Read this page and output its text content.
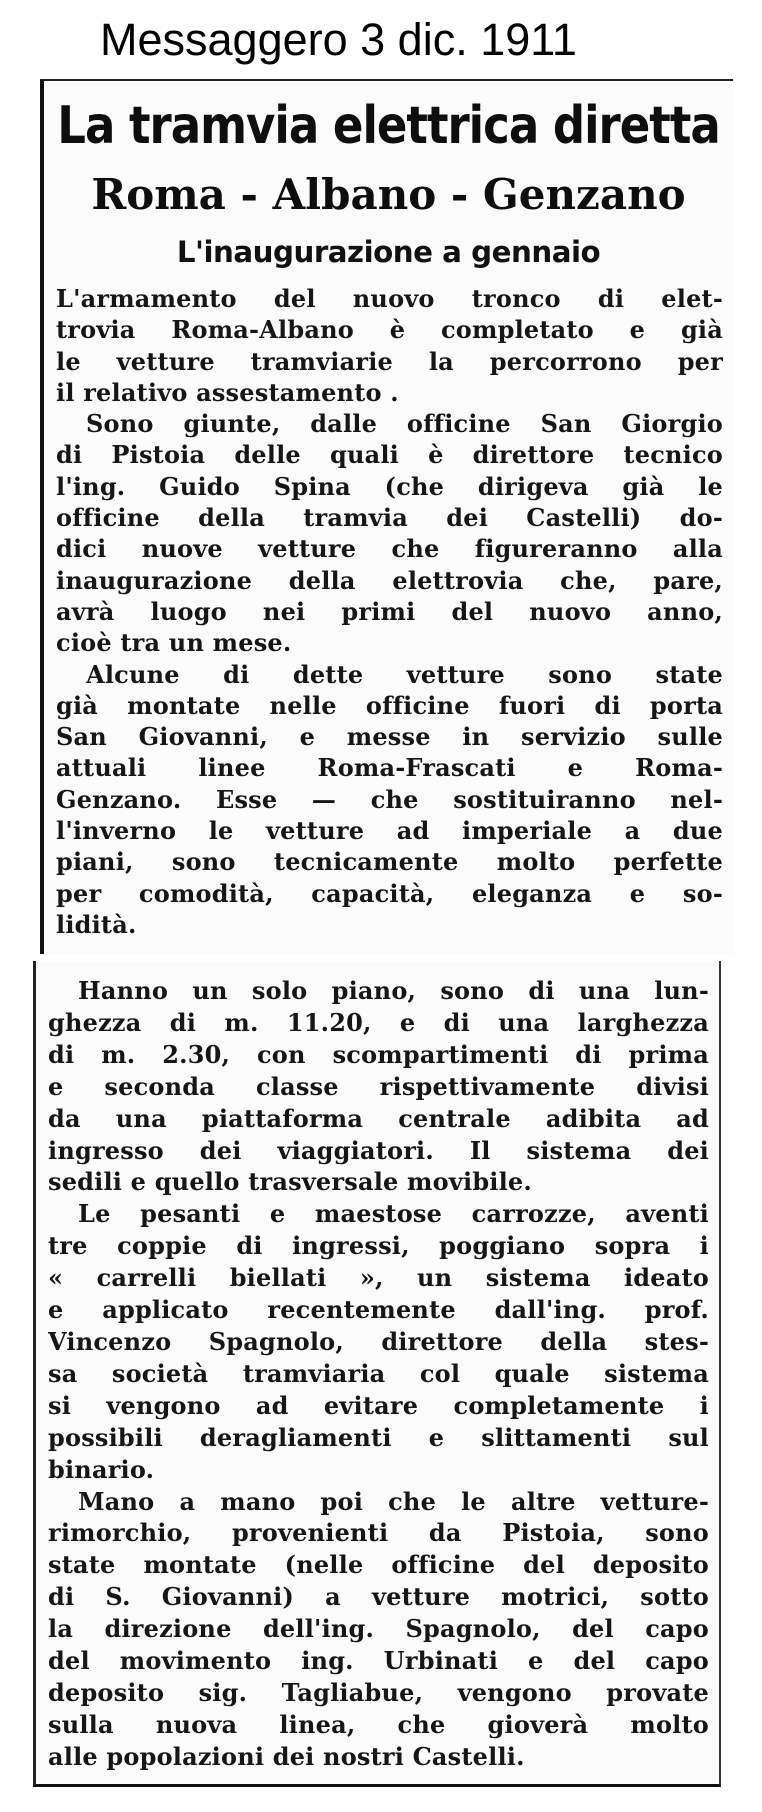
Messaggero 3 dic. 1911
La tramvia elettrica diretta
Roma - Albano - Genzano
L'inaugurazione a gennaio
L'armamento del nuovo tronco di elet-
trovia Roma-Albano è completato e già
le vetture tramviarie la percorrono per
il relativo assestamento .
Sono giunte, dalle officine San Giorgio
di Pistoia delle quali è direttore tecnico
l'ing. Guido Spina (che dirigeva già le
officine della tramvia dei Castelli) do-
dici nuove vetture che figureranno alla
inaugurazione della elettrovia che, pare,
avrà luogo nei primi del nuovo anno,
cioè tra un mese.
Alcune di dette vetture sono state
già montate nelle officine fuori di porta
San Giovanni, e messe in servizio sulle
attuali linee Roma-Frascati e Roma-
Genzano. Esse — che sostituiranno nel-
l'inverno le vetture ad imperiale a due
piani, sono tecnicamente molto perfette
per comodità, capacità, eleganza e so-
lidità.
Hanno un solo piano, sono di una lun-
ghezza di m. 11.20, e di una larghezza
di m. 2.30, con scompartimenti di prima
e seconda classe rispettivamente divisi
da una piattaforma centrale adibita ad
ingresso dei viaggiatori. Il sistema dei
sedili e quello trasversale movibile.
Le pesanti e maestose carrozze, aventi
tre coppie di ingressi, poggiano sopra i
« carrelli biellati », un sistema ideato
e applicato recentemente dall'ing. prof.
Vincenzo Spagnolo, direttore della stes-
sa società tramviaria col quale sistema
si vengono ad evitare completamente i
possibili deragliamenti e slittamenti sul
binario.
Mano a mano poi che le altre vetture-
rimorchio, provenienti da Pistoia, sono
state montate (nelle officine del deposito
di S. Giovanni) a vetture motrici, sotto
la direzione dell'ing. Spagnolo, del capo
del movimento ing. Urbinati e del capo
deposito sig. Tagliabue, vengono provate
sulla nuova linea, che gioverà molto
alle popolazioni dei nostri Castelli.
